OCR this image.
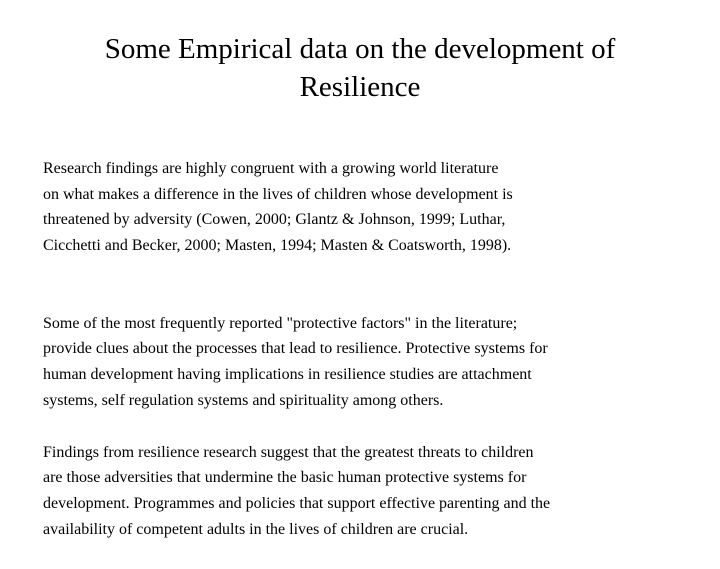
Some Empirical data on the development of
Resilience

Research findings are highly congruent with a growing world literature
on what makes a difference in the lives of children whose development is
threatened by adversity (Cowen, 2000; Glantz & Johnson, 1999; Luthar,
Cicchetti and Becker, 2000; Masten, 1994; Masten & Coatsworth, 1998).

Some of the most frequently reported "protective factors" in the literature;
provide clues about the processes that lead to resilience. Protective systems for
human development having implications in resilience studies are attachment
systems, self regulation systems and spirituality among others.

Findings from resilience research suggest that the greatest threats to children
are those adversities that undermine the basic human protective systems for
development. Programmes and policies that support effective parenting and the
availability of competent adults in the lives of children are crucial.
